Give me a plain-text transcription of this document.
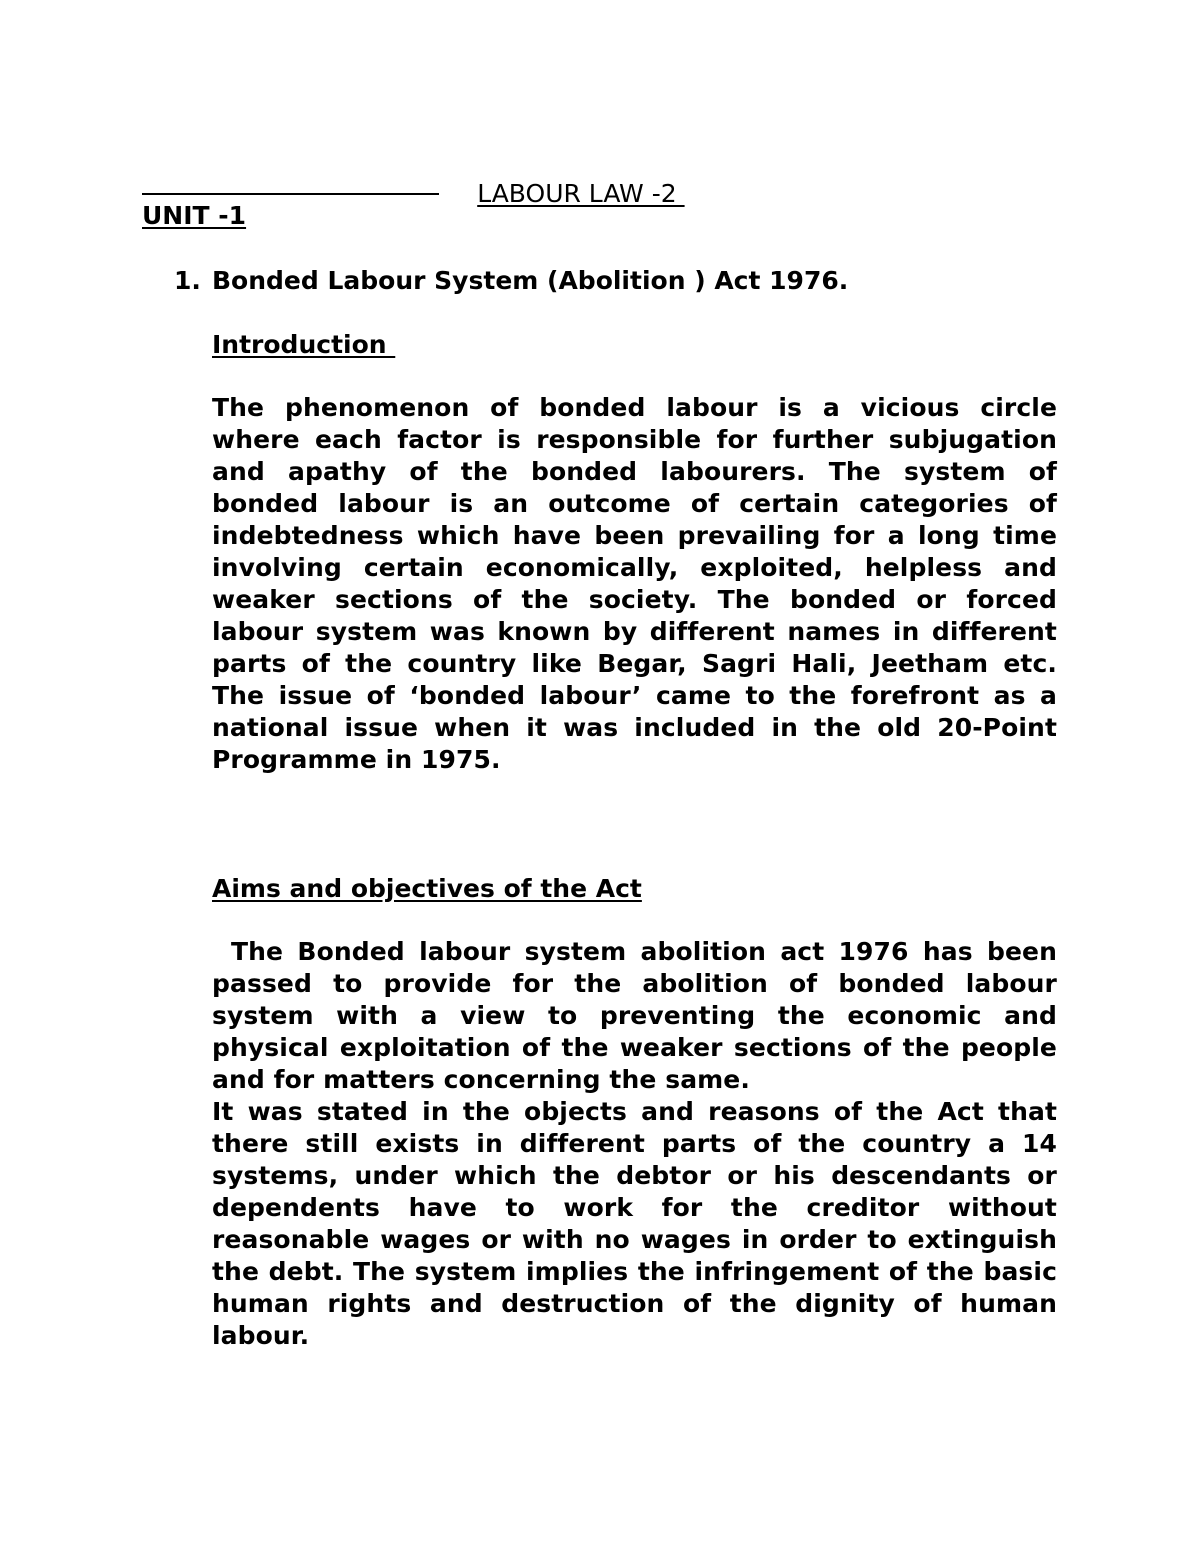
LABOUR LAW -2

UNIT -1
1. Bonded Labour System (Abolition ) Act 1976.
Introduction

The phenomenon of bonded labour is a vicious circle where each factor is responsible for further subjugation and apathy of the bonded labourers. The system of bonded labour is an outcome of certain categories of indebtedness which have been prevailing for a long time involving certain economically, exploited, helpless and weaker sections of the society. The bonded or forced labour system was known by different names in different parts of the country like Begar, Sagri Hali, Jeetham etc. The issue of ‘bonded labour’ came to the forefront as a national issue when it was included in the old 20-Point Programme in 1975.

Aims and objectives of the Act

The Bonded labour system abolition act 1976 has been passed to provide for the abolition of bonded labour system with a view to preventing the economic and physical exploitation of the weaker sections of the people and for matters concerning the same.

It was stated in the objects and reasons of the Act that there still exists in different parts of the country a 14 systems, under which the debtor or his descendants or dependents have to work for the creditor without reasonable wages or with no wages in order to extinguish the debt. The system implies the infringement of the basic human rights and destruction of the dignity of human labour.
